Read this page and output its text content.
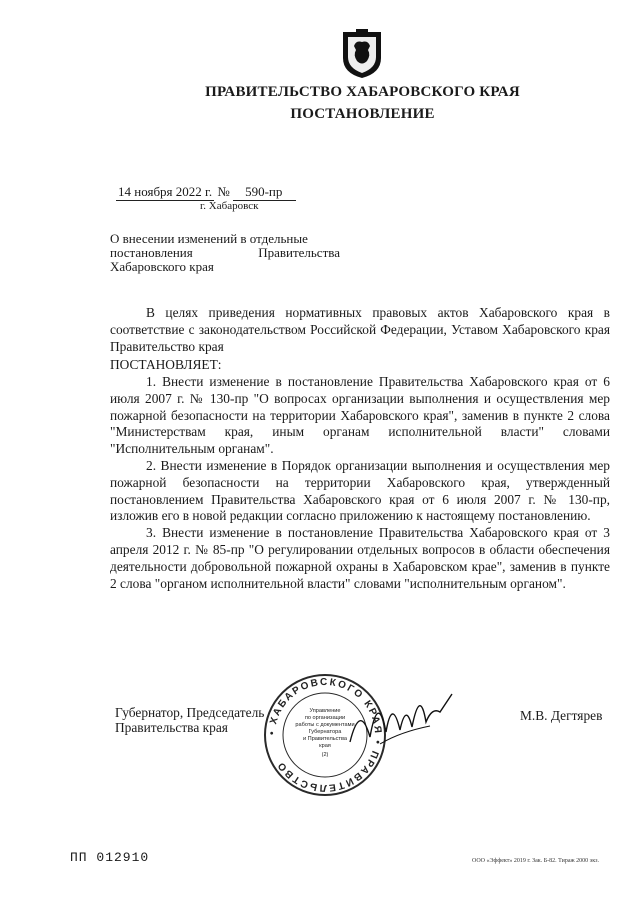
ПРАВИТЕЛЬСТВО ХАБАРОВСКОГО КРАЯ
ПОСТАНОВЛЕНИЕ
14 ноября 2022 г. № 590-пр
г. Хабаровск
О внесении изменений в отдельные
постановления Правительства
Хабаровского края

В целях приведения нормативных правовых актов Хабаровского края в соответствие с законодательством Российской Федерации, Уставом Хабаровского края Правительство края

ПОСТАНОВЛЯЕТ:

1. Внести изменение в постановление Правительства Хабаровского края от 6 июля 2007 г. № 130-пр "О вопросах организации выполнения и осуществления мер пожарной безопасности на территории Хабаровского края", заменив в пункте 2 слова "Министерствам края, иным органам исполнительной власти" словами "Исполнительным органам".

2. Внести изменение в Порядок организации выполнения и осуществления мер пожарной безопасности на территории Хабаровского края, утвержденный постановлением Правительства Хабаровского края от 6 июля 2007 г. № 130-пр, изложив его в новой редакции согласно приложению к настоящему постановлению.

3. Внести изменение в постановление Правительства Хабаровского края от 3 апреля 2012 г. № 85-пр "О регулировании отдельных вопросов в области обеспечения деятельности добровольной пожарной охраны в Хабаровском крае", заменив в пункте 2 слова "органом исполнительной власти" словами "исполнительным органом".

Губернатор, Председатель
Правительства края
М.В. Дегтярев
• ХАБАРОВСКОГО КРАЯ • ПРАВИТЕЛЬСТВО
Управление
по организации
работы с документами
Губернатора
и Правительства
края
(2)
ПП 012910	ООО «Эффект» 2019 г. Зак. Б-82. Тираж 2000 экз.
